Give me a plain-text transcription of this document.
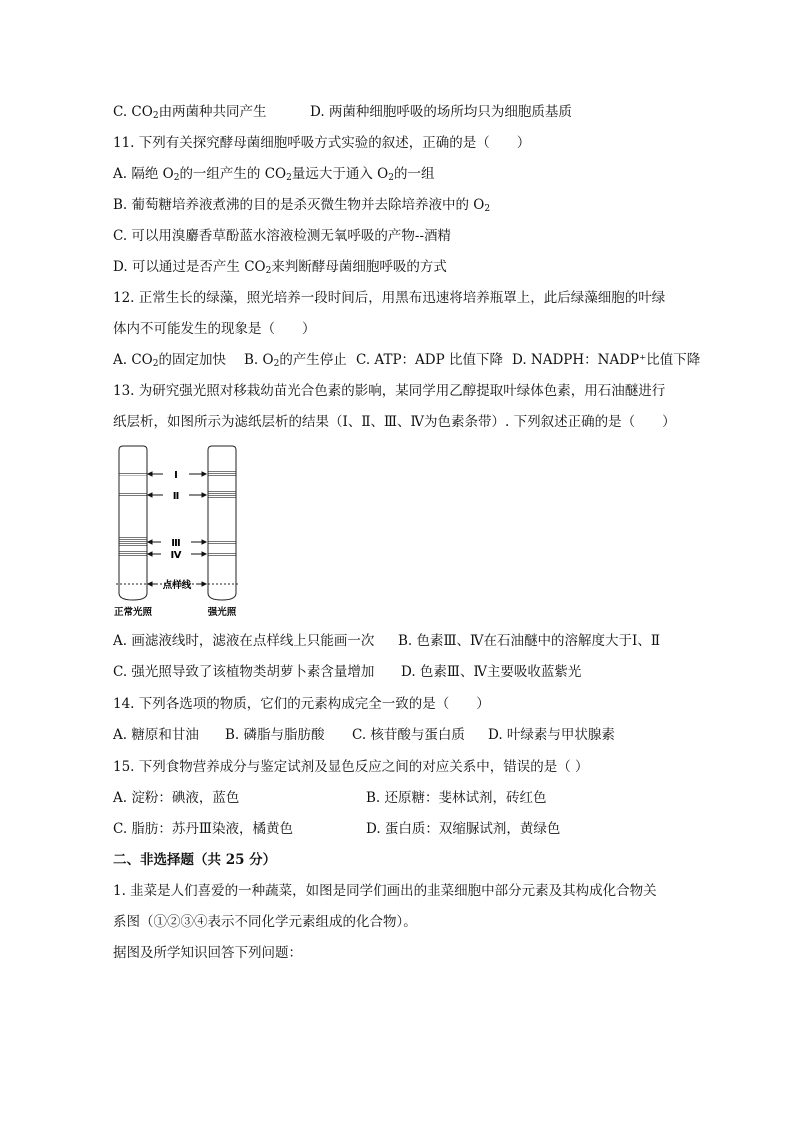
C. $CO_2$由两菌种共同产生	D. 两菌种细胞呼吸的场所均只为细胞质基质
11. 下列有关探究酵母菌细胞呼吸方式实验的叙述，正确的是（　　）
A. 隔绝 $O_2$的一组产生的 $CO_2$量远大于通入 $O_2$的一组
B. 葡萄糖培养液煮沸的目的是杀灭微生物并去除培养液中的 $O_2$
C. 可以用溴麝香草酚蓝水溶液检测无氧呼吸的产物--酒精
D. 可以通过是否产生 $CO_2$来判断酵母菌细胞呼吸的方式
12. 正常生长的绿藻，照光培养一段时间后，用黑布迅速将培养瓶罩上，此后绿藻细胞的叶绿
体内不可能发生的现象是（　　）
A. $CO_2$的固定加快 B. $O_2$的产生停止 C. ATP：ADP 比值下降 D. NADPH：NADP⁺比值下降
13. 为研究强光照对移栽幼苗光合色素的影响，某同学用乙醇提取叶绿体色素，用石油醚进行
纸层析，如图所示为滤纸层析的结果（Ⅰ、Ⅱ、Ⅲ、Ⅳ为色素条带）. 下列叙述正确的是（　　）
Ⅰ
Ⅱ
Ⅲ
Ⅳ
点样线
正常光照	强光照
A. 画滤液线时，滤液在点样线上只能画一次 B. 色素Ⅲ、Ⅳ在石油醚中的溶解度大于Ⅰ、Ⅱ
C. 强光照导致了该植物类胡萝卜素含量增加 D. 色素Ⅲ、Ⅳ主要吸收蓝紫光
14. 下列各选项的物质，它们的元素构成完全一致的是（　　）
A. 糖原和甘油 B. 磷脂与脂肪酸 C. 核苷酸与蛋白质 D. 叶绿素与甲状腺素
15. 下列食物营养成分与鉴定试剂及显色反应之间的对应关系中，错误的是（ ）
A. 淀粉：碘液，蓝色	B. 还原糖：斐林试剂，砖红色
C. 脂肪：苏丹Ⅲ染液，橘黄色	D. 蛋白质：双缩脲试剂，黄绿色
二、非选择题（共 25 分）
1. 韭菜是人们喜爱的一种蔬菜，如图是同学们画出的韭菜细胞中部分元素及其构成化合物关
系图（①②③④表示不同化学元素组成的化合物）。
据图及所学知识回答下列问题：
